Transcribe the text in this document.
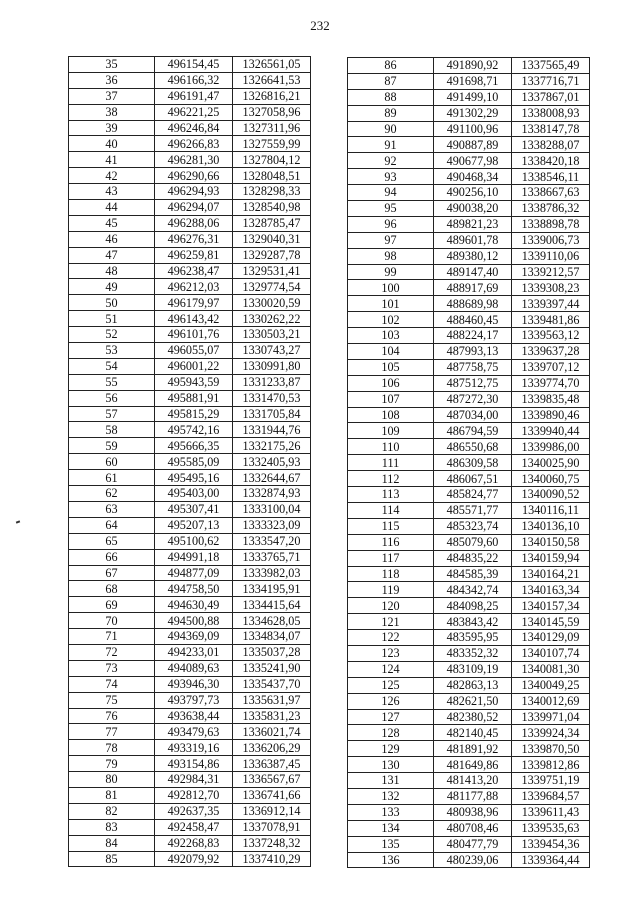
232
35	496154,45	1326561,05
36	496166,32	1326641,53
37	496191,47	1326816,21
38	496221,25	1327058,96
39	496246,84	1327311,96
40	496266,83	1327559,99
41	496281,30	1327804,12
42	496290,66	1328048,51
43	496294,93	1328298,33
44	496294,07	1328540,98
45	496288,06	1328785,47
46	496276,31	1329040,31
47	496259,81	1329287,78
48	496238,47	1329531,41
49	496212,03	1329774,54
50	496179,97	1330020,59
51	496143,42	1330262,22
52	496101,76	1330503,21
53	496055,07	1330743,27
54	496001,22	1330991,80
55	495943,59	1331233,87
56	495881,91	1331470,53
57	495815,29	1331705,84
58	495742,16	1331944,76
59	495666,35	1332175,26
60	495585,09	1332405,93
61	495495,16	1332644,67
62	495403,00	1332874,93
63	495307,41	1333100,04
64	495207,13	1333323,09
65	495100,62	1333547,20
66	494991,18	1333765,71
67	494877,09	1333982,03
68	494758,50	1334195,91
69	494630,49	1334415,64
70	494500,88	1334628,05
71	494369,09	1334834,07
72	494233,01	1335037,28
73	494089,63	1335241,90
74	493946,30	1335437,70
75	493797,73	1335631,97
76	493638,44	1335831,23
77	493479,63	1336021,74
78	493319,16	1336206,29
79	493154,86	1336387,45
80	492984,31	1336567,67
81	492812,70	1336741,66
82	492637,35	1336912,14
83	492458,47	1337078,91
84	492268,83	1337248,32
85	492079,92	1337410,29
86	491890,92	1337565,49
87	491698,71	1337716,71
88	491499,10	1337867,01
89	491302,29	1338008,93
90	491100,96	1338147,78
91	490887,89	1338288,07
92	490677,98	1338420,18
93	490468,34	1338546,11
94	490256,10	1338667,63
95	490038,20	1338786,32
96	489821,23	1338898,78
97	489601,78	1339006,73
98	489380,12	1339110,06
99	489147,40	1339212,57
100	488917,69	1339308,23
101	488689,98	1339397,44
102	488460,45	1339481,86
103	488224,17	1339563,12
104	487993,13	1339637,28
105	487758,75	1339707,12
106	487512,75	1339774,70
107	487272,30	1339835,48
108	487034,00	1339890,46
109	486794,59	1339940,44
110	486550,68	1339986,00
111	486309,58	1340025,90
112	486067,51	1340060,75
113	485824,77	1340090,52
114	485571,77	1340116,11
115	485323,74	1340136,10
116	485079,60	1340150,58
117	484835,22	1340159,94
118	484585,39	1340164,21
119	484342,74	1340163,34
120	484098,25	1340157,34
121	483843,42	1340145,59
122	483595,95	1340129,09
123	483352,32	1340107,74
124	483109,19	1340081,30
125	482863,13	1340049,25
126	482621,50	1340012,69
127	482380,52	1339971,04
128	482140,45	1339924,34
129	481891,92	1339870,50
130	481649,86	1339812,86
131	481413,20	1339751,19
132	481177,88	1339684,57
133	480938,96	1339611,43
134	480708,46	1339535,63
135	480477,79	1339454,36
136	480239,06	1339364,44
